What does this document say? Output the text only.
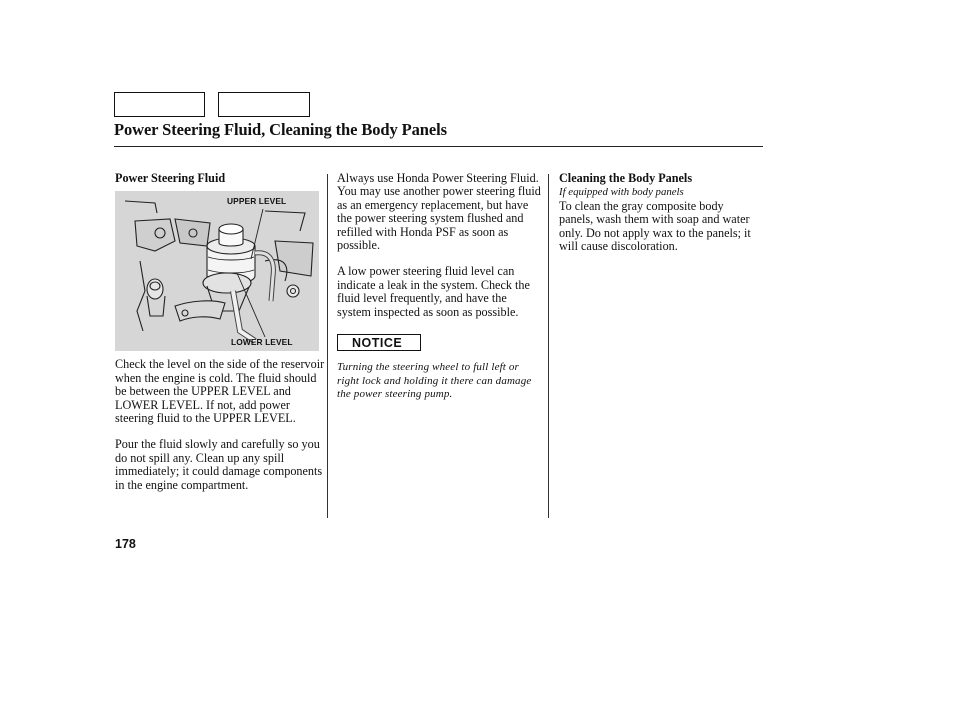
Power Steering Fluid, Cleaning the Body Panels

Power Steering Fluid

UPPER LEVEL
LOWER LEVEL

Check the level on the side of the reservoir when the engine is cold. The fluid should be between the UPPER LEVEL and LOWER LEVEL. If not, add power steering fluid to the UPPER LEVEL.

Pour the fluid slowly and carefully so you do not spill any. Clean up any spill immediately; it could damage components in the engine compartment.

Always use Honda Power Steering Fluid. You may use another power steering fluid as an emergency replacement, but have the power steering system flushed and refilled with Honda PSF as soon as possible.

A low power steering fluid level can indicate a leak in the system. Check the fluid level frequently, and have the system inspected as soon as possible.

NOTICE

Turning the steering wheel to full left or right lock and holding it there can damage the power steering pump.

Cleaning the Body Panels

If equipped with body panels

To clean the gray composite body panels, wash them with soap and water only. Do not apply wax to the panels; it will cause discoloration.

178
